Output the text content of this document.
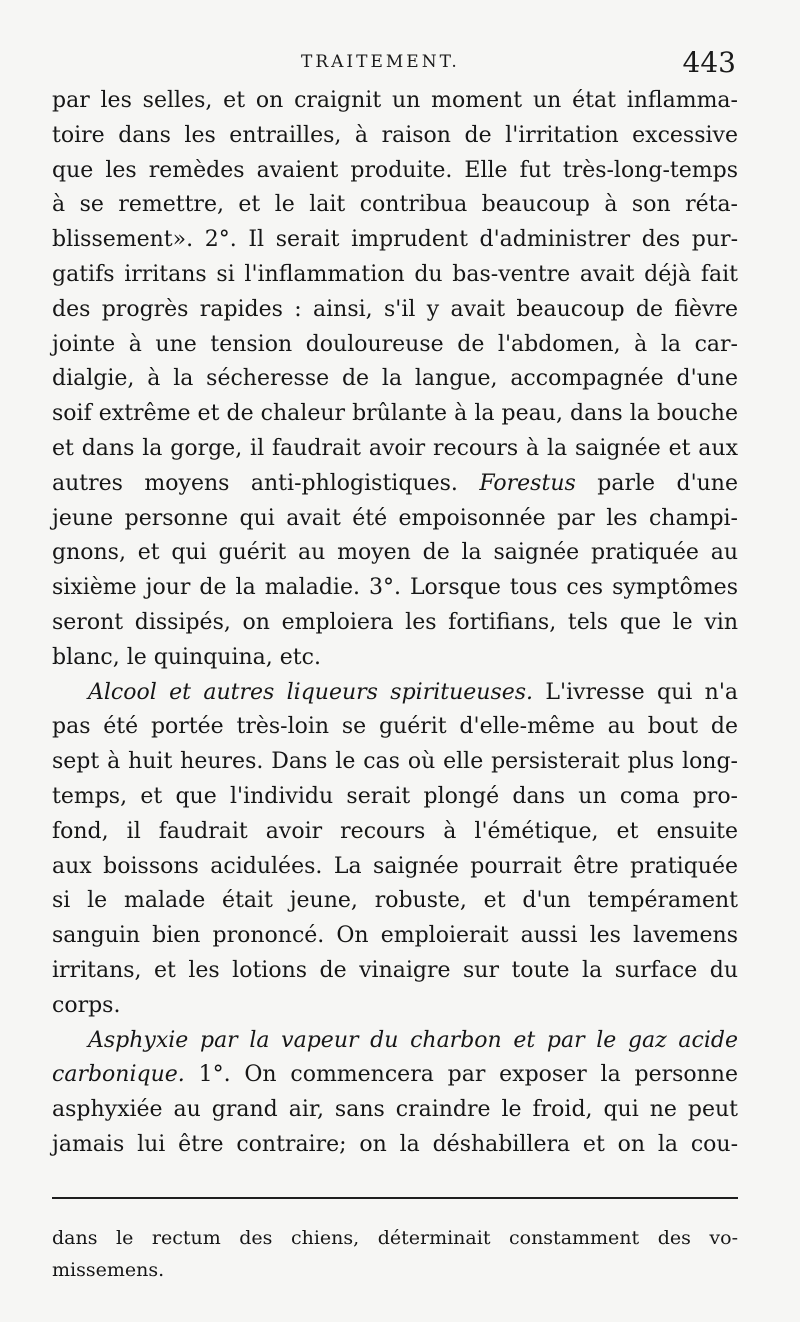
TRAITEMENT.	443
par les selles, et on craignit un moment un état inflamma-
toire dans les entrailles, à raison de l'irritation excessive
que les remèdes avaient produite. Elle fut très-long-temps
à se remettre, et le lait contribua beaucoup à son réta-
blissement». 2°. Il serait imprudent d'administrer des pur-
gatifs irritans si l'inflammation du bas-ventre avait déjà fait
des progrès rapides : ainsi, s'il y avait beaucoup de fièvre
jointe à une tension douloureuse de l'abdomen, à la car-
dialgie, à la sécheresse de la langue, accompagnée d'une
soif extrême et de chaleur brûlante à la peau, dans la bouche
et dans la gorge, il faudrait avoir recours à la saignée et aux
autres moyens anti-phlogistiques. Forestus parle d'une
jeune personne qui avait été empoisonnée par les champi-
gnons, et qui guérit au moyen de la saignée pratiquée au
sixième jour de la maladie. 3°. Lorsque tous ces symptômes
seront dissipés, on emploiera les fortifians, tels que le vin
blanc, le quinquina, etc.
Alcool et autres liqueurs spiritueuses. L'ivresse qui n'a
pas été portée très-loin se guérit d'elle-même au bout de
sept à huit heures. Dans le cas où elle persisterait plus long-
temps, et que l'individu serait plongé dans un coma pro-
fond, il faudrait avoir recours à l'émétique, et ensuite
aux boissons acidulées. La saignée pourrait être pratiquée
si le malade était jeune, robuste, et d'un tempérament
sanguin bien prononcé. On emploierait aussi les lavemens
irritans, et les lotions de vinaigre sur toute la surface du
corps.
Asphyxie par la vapeur du charbon et par le gaz acide
carbonique. 1°. On commencera par exposer la personne
asphyxiée au grand air, sans craindre le froid, qui ne peut
jamais lui être contraire; on la déshabillera et on la cou-
dans le rectum des chiens, déterminait constamment des vo-
missemens.
